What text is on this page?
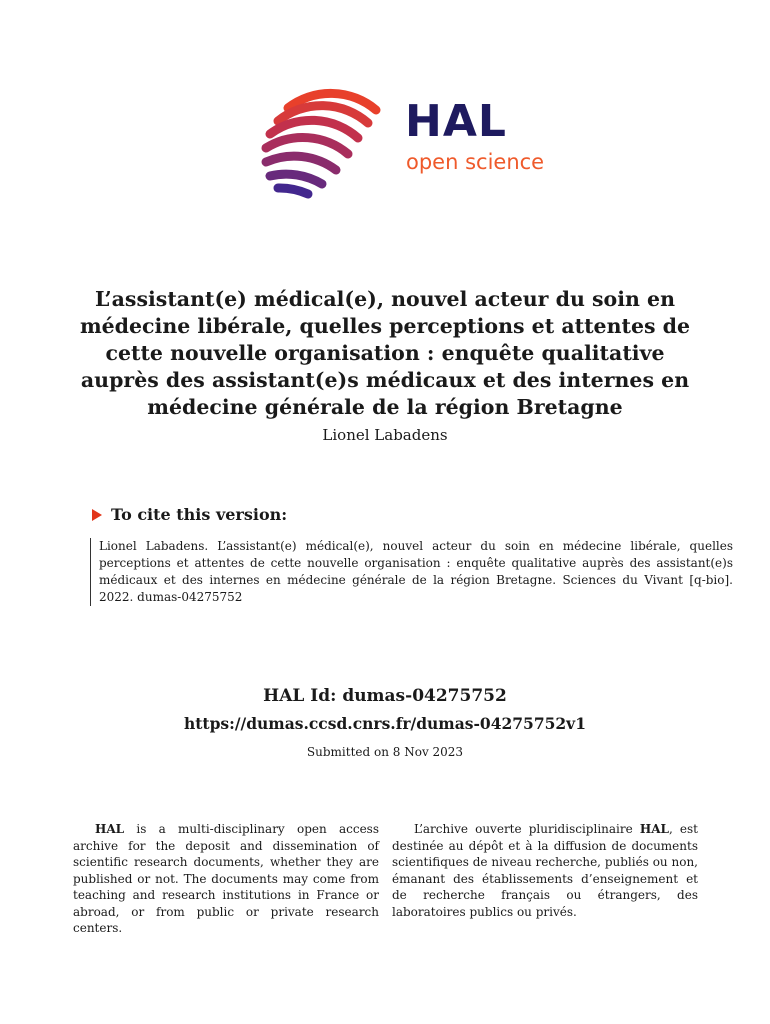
HAL
open science
L’assistant(e) médical(e), nouvel acteur du soin en médecine libérale, quelles perceptions et attentes de cette nouvelle organisation : enquête qualitative auprès des assistant(e)s médicaux et des internes en médecine générale de la région Bretagne
Lionel Labadens
To cite this version:
Lionel Labadens. L’assistant(e) médical(e), nouvel acteur du soin en médecine libérale, quelles perceptions et attentes de cette nouvelle organisation : enquête qualitative auprès des assistant(e)s médicaux et des internes en médecine générale de la région Bretagne. Sciences du Vivant [q-bio]. 2022. dumas-04275752
HAL Id: dumas-04275752
https://dumas.ccsd.cnrs.fr/dumas-04275752v1
Submitted on 8 Nov 2023
HAL is a multi-disciplinary open access archive for the deposit and dissemination of scientific research documents, whether they are published or not. The documents may come from teaching and research institutions in France or abroad, or from public or private research centers.
L’archive ouverte pluridisciplinaire HAL, est destinée au dépôt et à la diffusion de documents scientifiques de niveau recherche, publiés ou non, émanant des établissements d’enseignement et de recherche français ou étrangers, des laboratoires publics ou privés.
